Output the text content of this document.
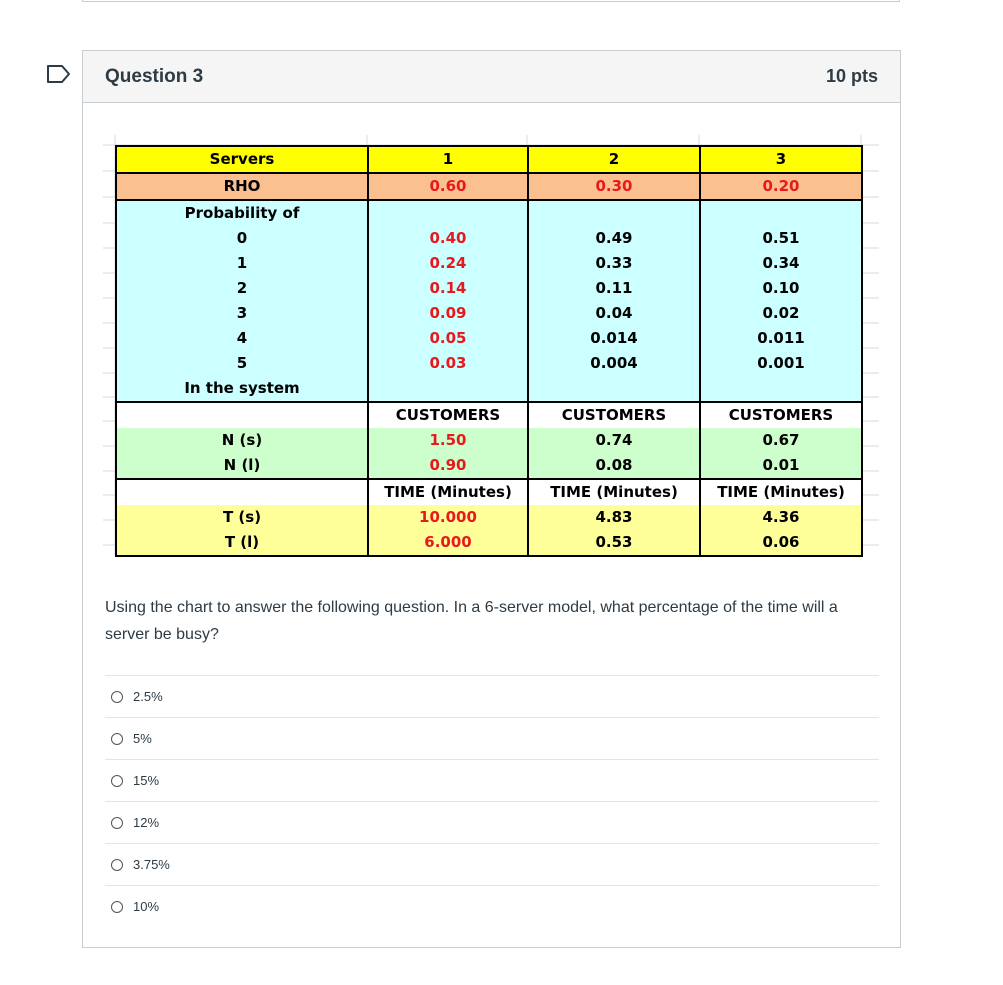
Question 3	10 pts
Servers	1	2	3
RHO	0.60	0.30	0.20
Probability of			
0	0.40	0.49	0.51
1	0.24	0.33	0.34
2	0.14	0.11	0.10
3	0.09	0.04	0.02
4	0.05	0.014	0.011
5	0.03	0.004	0.001
In the system			
	CUSTOMERS	CUSTOMERS	CUSTOMERS
N (s)	1.50	0.74	0.67
N (l)	0.90	0.08	0.01
	TIME (Minutes)	TIME (Minutes)	TIME (Minutes)
T (s)	10.000	4.83	4.36
T (l)	6.000	0.53	0.06
Using the chart to answer the following question. In a 6-server model, what percentage of the time will a server be busy?
2.5%
5%
15%
12%
3.75%
10%
